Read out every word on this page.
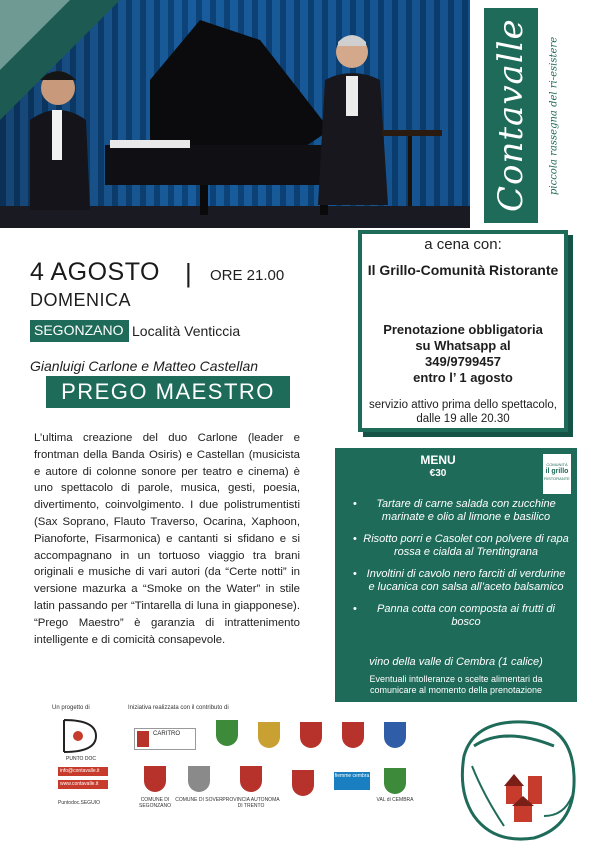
Contavalle	piccola rassegna del ri-esistere
4 AGOSTO | ORE 21.00
DOMENICA
SEGONZANO Località Venticcia
Gianluigi Carlone e Matteo Castellan
PREGO MAESTRO
L’ultima creazione del duo Carlone (leader e frontman della Banda Osiris) e Castellan (musicista e autore di colonne sonore per teatro e cinema) è uno spettacolo di parole, musica, gesti, poesia, divertimento, coinvolgimento. I due polistrumentisti (Sax Soprano, Flauto Traverso, Ocarina, Xaphoon, Pianoforte, Fisarmonica) e cantanti si sfidano e si accompagnano in un tortuoso viaggio tra brani originali e musiche di vari autori (da “Certe notti” in versione mazurka a “Smoke on the Water” in stile latin passando per “Tintarella di luna in giapponese). “Prego Maestro” è garanzia di intrattenimento intelligente e di comicità consapevole.
a cena con:
Il Grillo-Comunità Ristorante
Prenotazione obbligatoria
su Whatsapp al
349/9799457
entro l’ 1 agosto
servizio attivo prima dello spettacolo, dalle 19 alle 20.30
MENU
€30
COMUNITÀ
il grillo
RISTORANTE
• Tartare di carne salada con zucchine marinate e olio al limone e basilico
• Risotto porri e Casolet con polvere di rapa rossa e cialda al Trentingrana
• Involtini di cavolo nero farciti di verdurine e lucanica con salsa all’aceto balsamico
• Panna cotta con composta ai frutti di bosco
vino della valle di Cembra (1 calice)
Eventuali intolleranze o scelte alimentari da comunicare al momento della prenotazione
Un progetto di	Iniziativa realizzata con il contributo di
PUNTO DOC
info@contavalle.it
www.contavalle.it
Puntodoc.SEGUIO
CARITRO
COMUNE DI SEGONZANO
COMUNE DI SOVER PROVINCIA AUTONOMA DI TRENTO
fiemme cembra
VAL di CEMBRA
